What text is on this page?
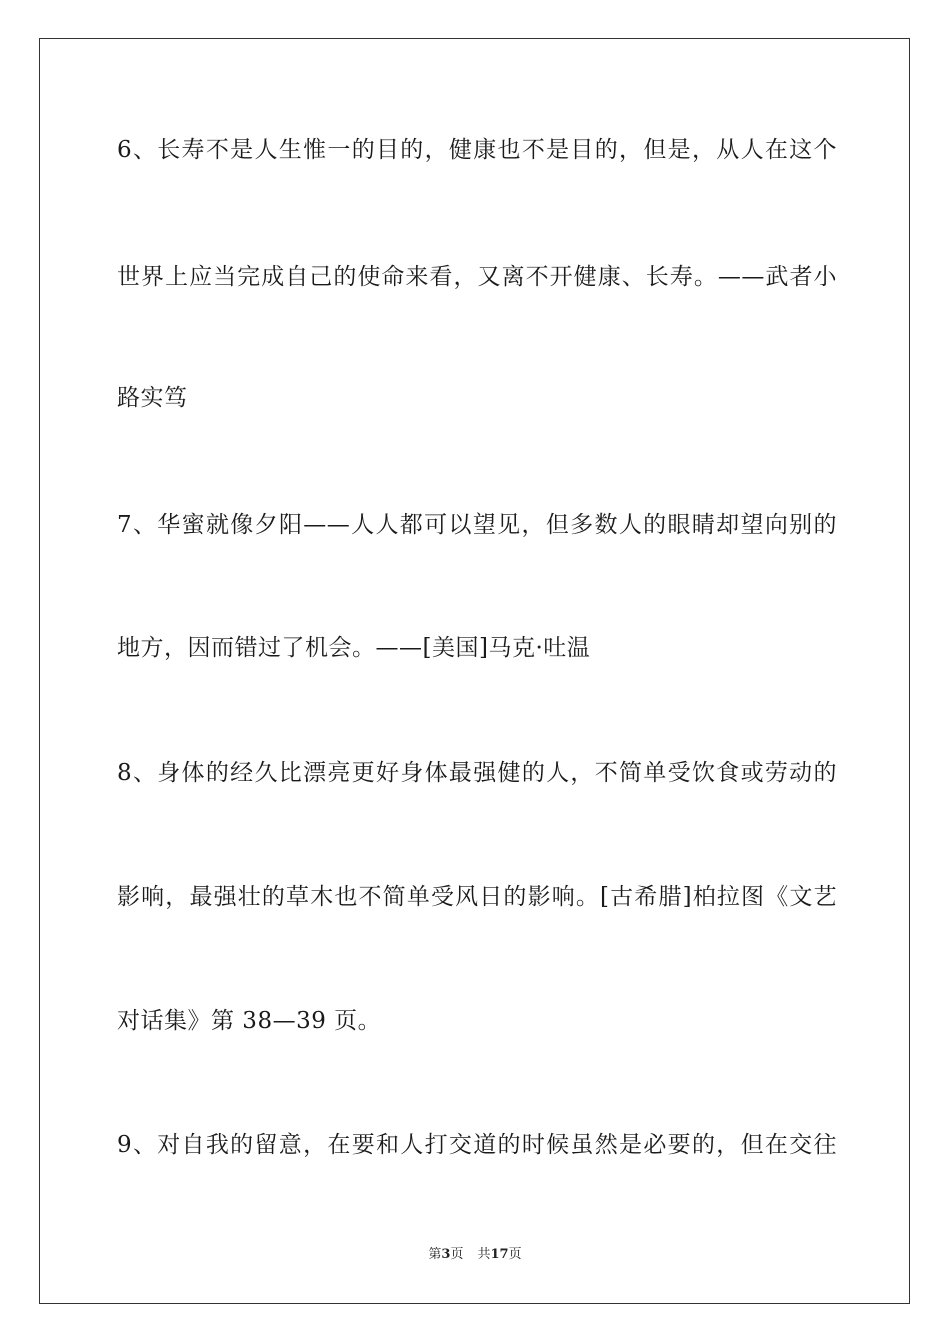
6、长寿不是人生惟一的目的，健康也不是目的，但是，从人在这个
世界上应当完成自己的使命来看，又离不开健康、长寿。——武者小
路实笃
7、华蜜就像夕阳——人人都可以望见，但多数人的眼睛却望向别的
地方，因而错过了机会。——[美国]马克·吐温
8、身体的经久比漂亮更好身体最强健的人，不简单受饮食或劳动的
影响，最强壮的草木也不简单受风日的影响。[古希腊]柏拉图《文艺
对话集》第 38—39 页。
9、对自我的留意，在要和人打交道的时候虽然是必要的，但在交往
第3页 共17页
